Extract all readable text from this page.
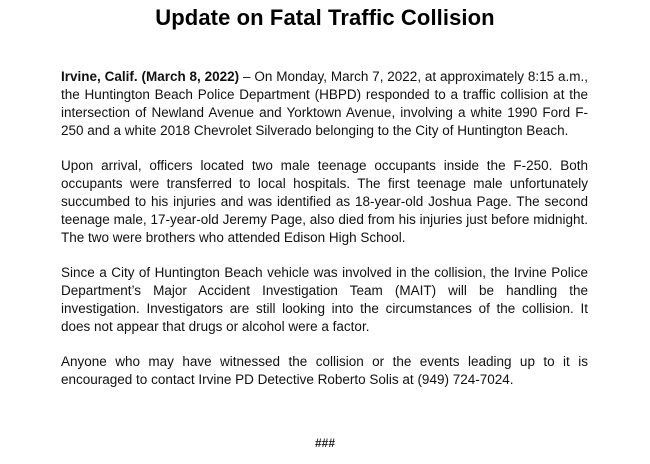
Update on Fatal Traffic Collision

Irvine, Calif. (March 8, 2022) – On Monday, March 7, 2022, at approximately 8:15 a.m., the Huntington Beach Police Department (HBPD) responded to a traffic collision at the intersection of Newland Avenue and Yorktown Avenue, involving a white 1990 Ford F-250 and a white 2018 Chevrolet Silverado belonging to the City of Huntington Beach.

Upon arrival, officers located two male teenage occupants inside the F-250. Both occupants were transferred to local hospitals. The first teenage male unfortunately succumbed to his injuries and was identified as 18-year-old Joshua Page. The second teenage male, 17-year-old Jeremy Page, also died from his injuries just before midnight. The two were brothers who attended Edison High School.

Since a City of Huntington Beach vehicle was involved in the collision, the Irvine Police Department’s Major Accident Investigation Team (MAIT) will be handling the investigation. Investigators are still looking into the circumstances of the collision. It does not appear that drugs or alcohol were a factor.

Anyone who may have witnessed the collision or the events leading up to it is encouraged to contact Irvine PD Detective Roberto Solis at (949) 724-7024.

###
